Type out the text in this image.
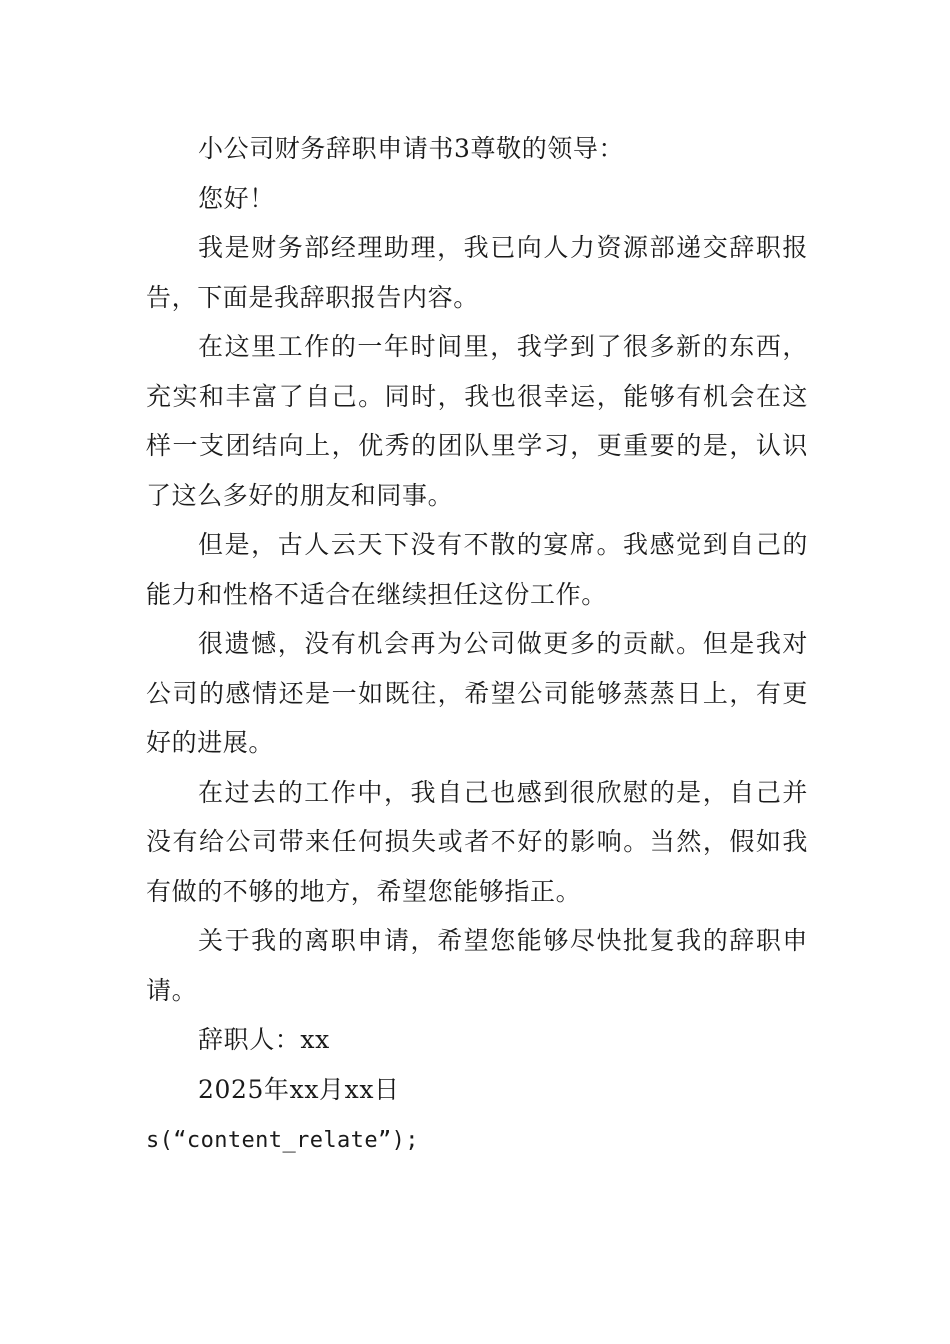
小公司财务辞职申请书3尊敬的领导：

您好！

我是财务部经理助理，我已向人力资源部递交辞职报告，下面是我辞职报告内容。

在这里工作的一年时间里，我学到了很多新的东西，充实和丰富了自己。同时，我也很幸运，能够有机会在这样一支团结向上，优秀的团队里学习，更重要的是，认识了这么多好的朋友和同事。

但是，古人云天下没有不散的宴席。我感觉到自己的能力和性格不适合在继续担任这份工作。

很遗憾，没有机会再为公司做更多的贡献。但是我对公司的感情还是一如既往，希望公司能够蒸蒸日上，有更好的进展。

在过去的工作中，我自己也感到很欣慰的是，自己并没有给公司带来任何损失或者不好的影响。当然，假如我有做的不够的地方，希望您能够指正。

关于我的离职申请，希望您能够尽快批复我的辞职申请。

辞职人：xx

2025年xx月xx日

s(“content_relate”);
